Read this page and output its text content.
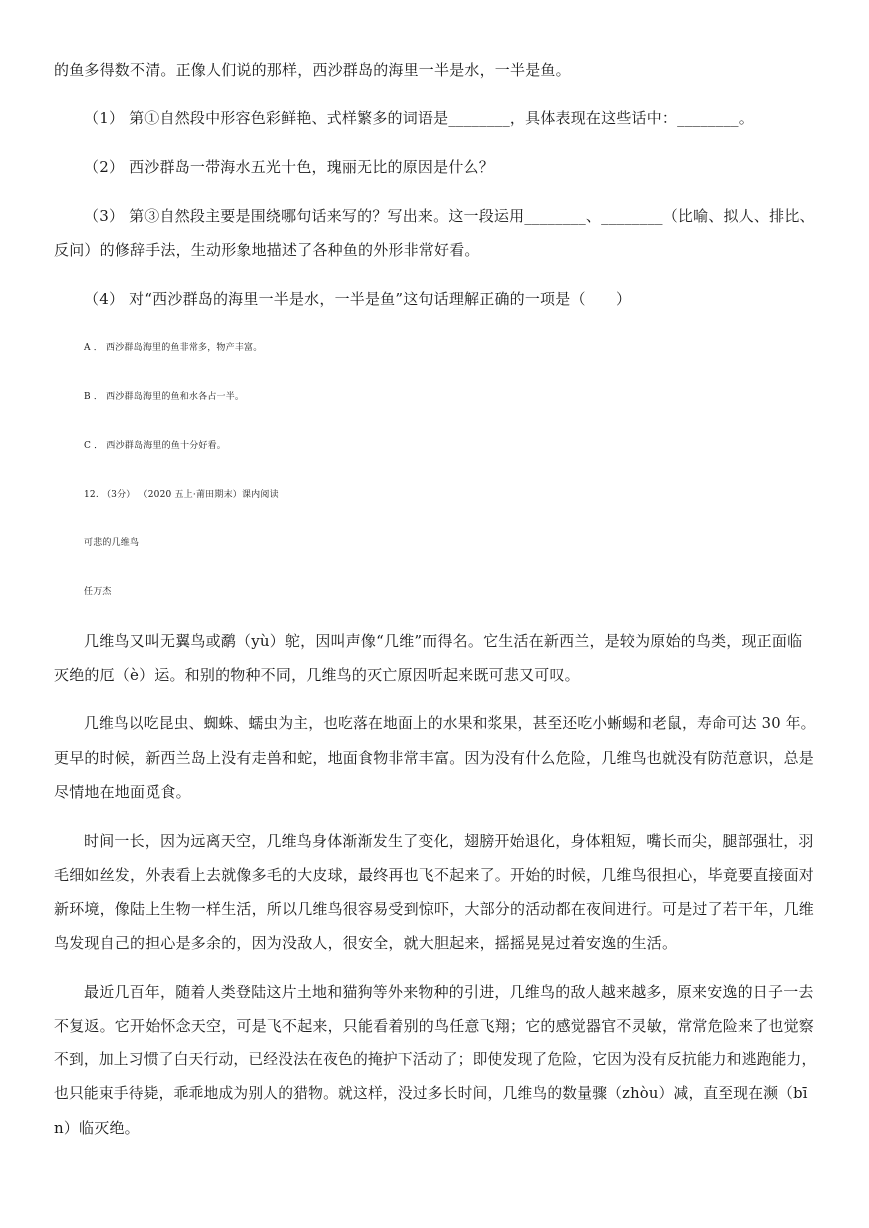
的鱼多得数不清。正像人们说的那样，西沙群岛的海里一半是水，一半是鱼。
（1） 第①自然段中形容色彩鲜艳、式样繁多的词语是________，具体表现在这些话中：________。
（2） 西沙群岛一带海水五光十色，瑰丽无比的原因是什么？
（3） 第③自然段主要是围绕哪句话来写的？写出来。这一段运用________、________（比喻、拟人、排比、
反问）的修辞手法，生动形象地描述了各种鱼的外形非常好看。
（4） 对“西沙群岛的海里一半是水，一半是鱼”这句话理解正确的一项是（　　）
A ． 西沙群岛海里的鱼非常多，物产丰富。
B ． 西沙群岛海里的鱼和水各占一半。
C ． 西沙群岛海里的鱼十分好看。
12. （3分） （2020 五上·莆田期末）课内阅读
可悲的几维鸟
任万杰
几维鸟又叫无翼鸟或鹬（yù）鸵，因叫声像“几维”而得名。它生活在新西兰，是较为原始的鸟类，现正面临
灭绝的厄（è）运。和别的物种不同，几维鸟的灭亡原因听起来既可悲又可叹。
几维鸟以吃昆虫、蜘蛛、蠕虫为主，也吃落在地面上的水果和浆果，甚至还吃小蜥蜴和老鼠，寿命可达 30 年。
更早的时候，新西兰岛上没有走兽和蛇，地面食物非常丰富。因为没有什么危险，几维鸟也就没有防范意识，总是
尽情地在地面觅食。
时间一长，因为远离天空，几维鸟身体渐渐发生了变化，翅膀开始退化，身体粗短，嘴长而尖，腿部强壮，羽
毛细如丝发，外表看上去就像多毛的大皮球，最终再也飞不起来了。开始的时候，几维鸟很担心，毕竟要直接面对
新环境，像陆上生物一样生活，所以几维鸟很容易受到惊吓，大部分的活动都在夜间进行。可是过了若干年，几维
鸟发现自己的担心是多余的，因为没敌人，很安全，就大胆起来，摇摇晃晃过着安逸的生活。
最近几百年，随着人类登陆这片土地和猫狗等外来物种的引进，几维鸟的敌人越来越多，原来安逸的日子一去
不复返。它开始怀念天空，可是飞不起来，只能看着别的鸟任意飞翔；它的感觉器官不灵敏，常常危险来了也觉察
不到，加上习惯了白天行动，已经没法在夜色的掩护下活动了；即使发现了危险，它因为没有反抗能力和逃跑能力，
也只能束手待毙，乖乖地成为别人的猎物。就这样，没过多长时间，几维鸟的数量骤（zhòu）减，直至现在濒（bī
n）临灭绝。
